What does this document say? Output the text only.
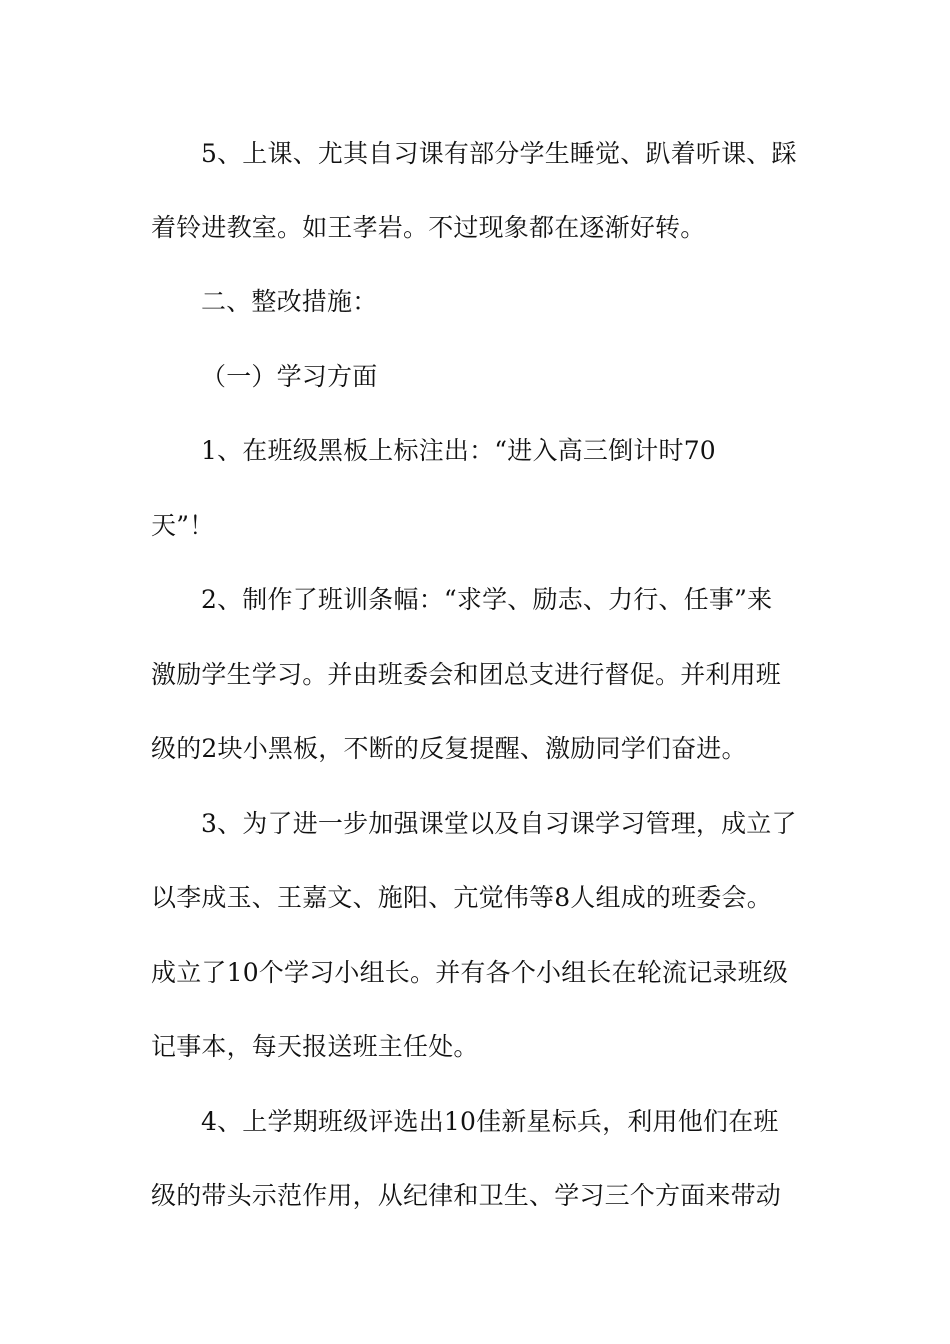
5、上课、尤其自习课有部分学生睡觉、趴着听课、踩
着铃进教室。如王孝岩。不过现象都在逐渐好转。
二、整改措施：
（一）学习方面
1、在班级黑板上标注出：“进入高三倒计时70
天”！
2、制作了班训条幅：“求学、励志、力行、任事”来
激励学生学习。并由班委会和团总支进行督促。并利用班
级的2块小黑板，不断的反复提醒、激励同学们奋进。
3、为了进一步加强课堂以及自习课学习管理，成立了
以李成玉、王嘉文、施阳、亢觉伟等8人组成的班委会。
成立了10个学习小组长。并有各个小组长在轮流记录班级
记事本，每天报送班主任处。
4、上学期班级评选出10佳新星标兵，利用他们在班
级的带头示范作用，从纪律和卫生、学习三个方面来带动
